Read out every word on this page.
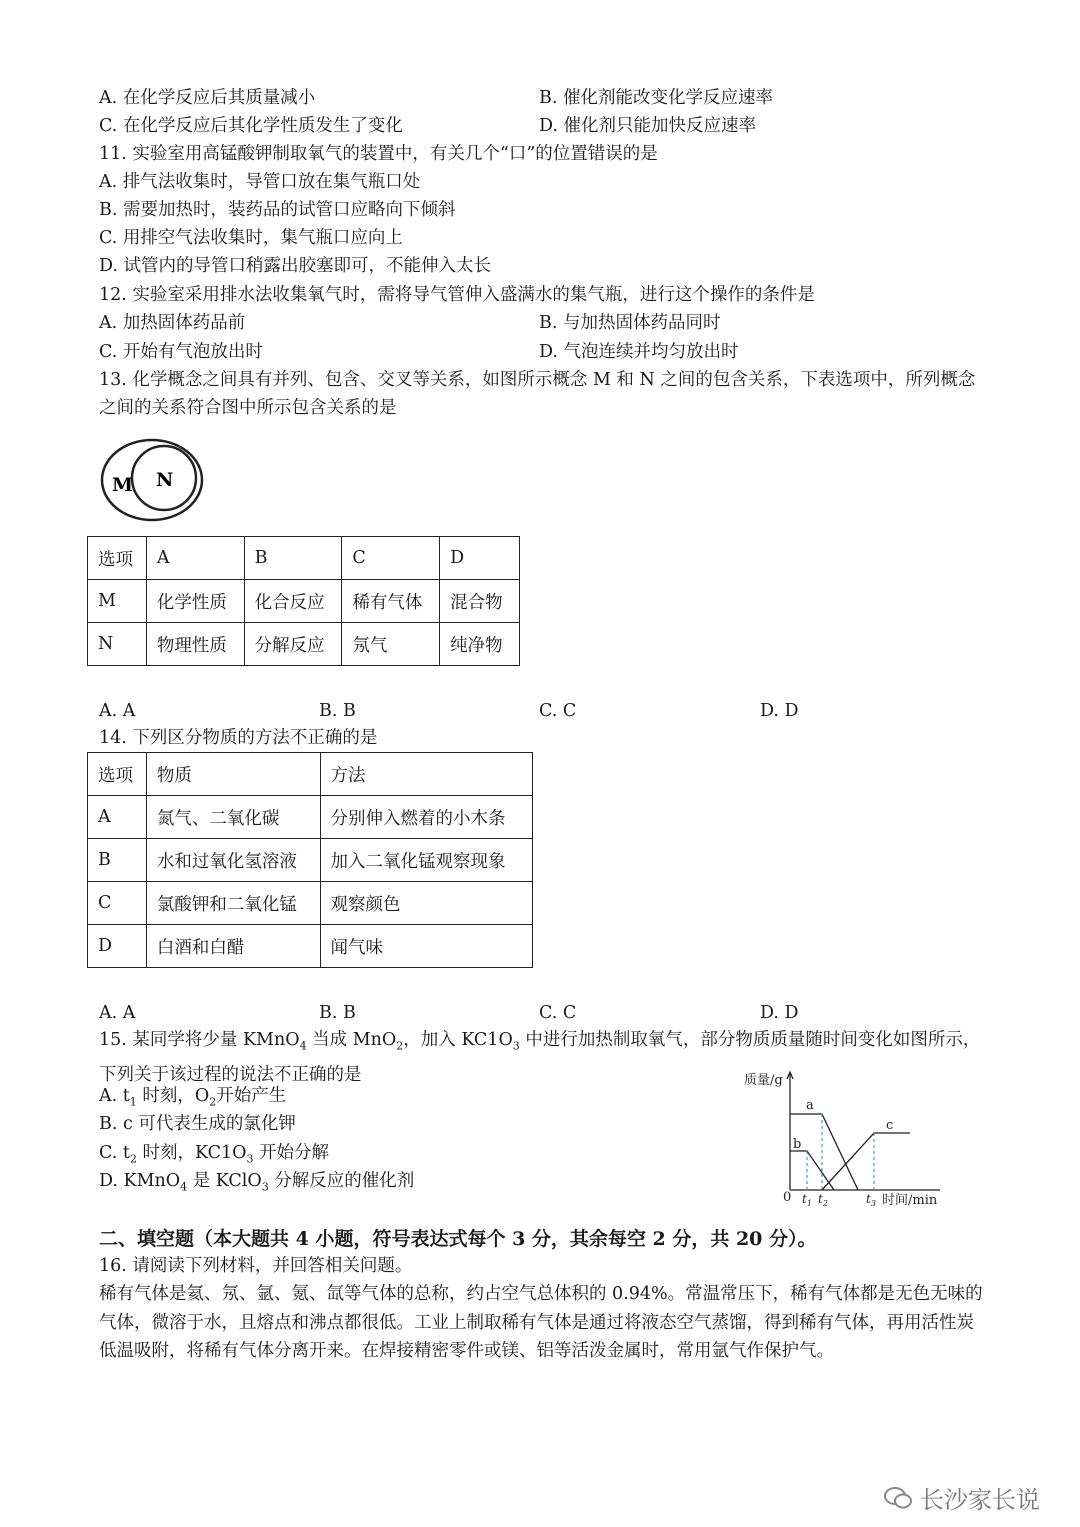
A. 在化学反应后其质量减小	B. 催化剂能改变化学反应速率
C. 在化学反应后其化学性质发生了变化	D. 催化剂只能加快反应速率
11. 实验室用高锰酸钾制取氧气的装置中，有关几个“口”的位置错误的是
A. 排气法收集时，导管口放在集气瓶口处
B. 需要加热时，装药品的试管口应略向下倾斜
C. 用排空气法收集时，集气瓶口应向上
D. 试管内的导管口稍露出胶塞即可，不能伸入太长
12. 实验室采用排水法收集氧气时，需将导气管伸入盛满水的集气瓶，进行这个操作的条件是
A. 加热固体药品前	B. 与加热固体药品同时
C. 开始有气泡放出时	D. 气泡连续并均匀放出时
13. 化学概念之间具有并列、包含、交叉等关系，如图所示概念 M 和 N 之间的包含关系，下表选项中，所列概念之间的关系符合图中所示包含关系的是
M N
选项	A	B	C	D
M	化学性质	化合反应	稀有气体	混合物
N	物理性质	分解反应	氖气	纯净物
A. A	B. B	C. C	D. D
14. 下列区分物质的方法不正确的是
选项	物质	方法
A	氮气、二氧化碳	分别伸入燃着的小木条
B	水和过氧化氢溶液	加入二氧化锰观察现象
C	氯酸钾和二氧化锰	观察颜色
D	白酒和白醋	闻气味
A. A	B. B	C. C	D. D
15. 某同学将少量 KMnO$_4$ 当成 MnO$_2$，加入 $KC1O_3$ 中进行加热制取氧气，部分物质质量随时间变化如图所示，下列关于该过程的说法不正确的是
A. $t_1$ 时刻，$O_2$开始产生
B. c 可代表生成的氯化钾
C. $t_2$ 时刻，$KC1O_3$ 开始分解
D. KMnO$_4$ 是 KClO$_3$ 分解反应的催化剂
质量/g
时间/min
0 $t_1$ $t_2$	$t_3$
a
b
c
二、填空题（本大题共 4 小题，符号表达式每个 3 分，其余每空 2 分，共 20 分）。
16. 请阅读下列材料，并回答相关问题。
稀有气体是氦、氖、氩、氪、氙等气体的总称，约占空气总体积的 0.94%。常温常压下，稀有气体都是无色无味的气体，微溶于水，且熔点和沸点都很低。工业上制取稀有气体是通过将液态空气蒸馏，得到稀有气体，再用活性炭低温吸附，将稀有气体分离开来。在焊接精密零件或镁、铝等活泼金属时，常用氩气作保护气。
长沙家长说
